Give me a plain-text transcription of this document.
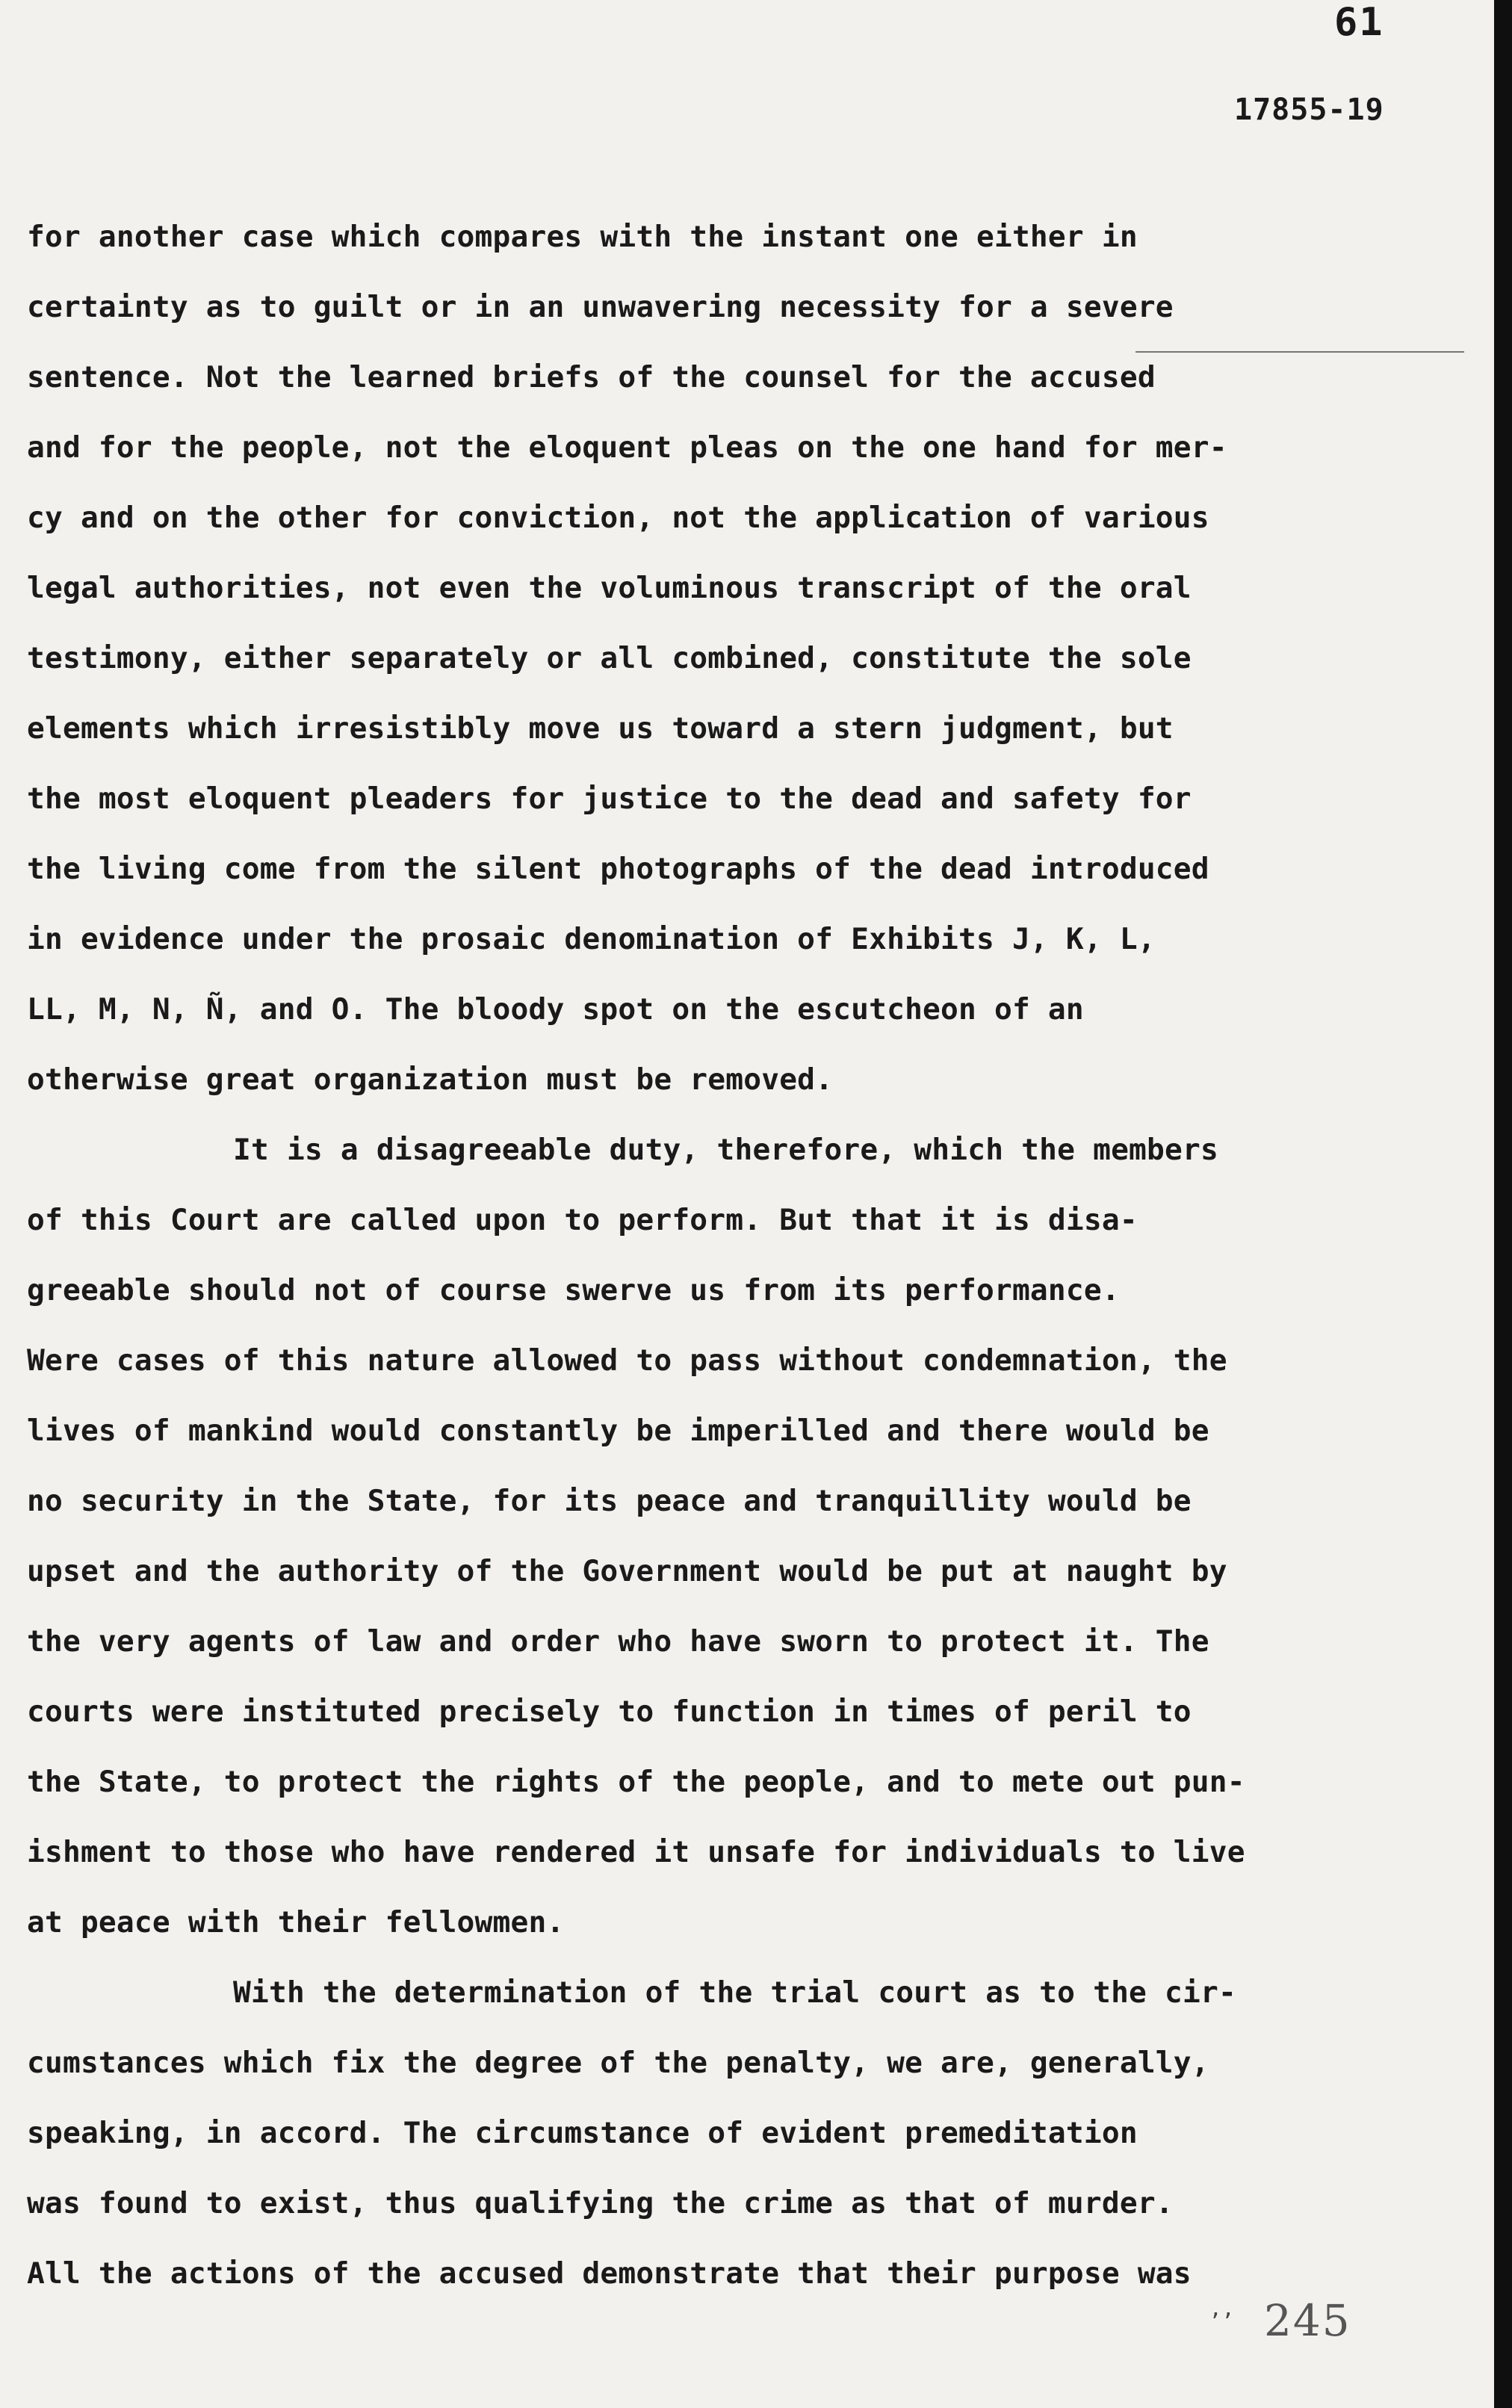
61
17855-19
for another case which compares with the instant one either in
certainty as to guilt or in an unwavering necessity for a severe
sentence. Not the learned briefs of the counsel for the accused
and for the people, not the eloquent pleas on the one hand for mer-
cy and on the other for conviction, not the application of various
legal authorities, not even the voluminous transcript of the oral
testimony, either separately or all combined, constitute the sole
elements which irresistibly move us toward a stern judgment, but
the most eloquent pleaders for justice to the dead and safety for
the living come from the silent photographs of the dead introduced
in evidence under the prosaic denomination of Exhibits J, K, L,
LL, M, N, Ñ, and O. The bloody spot on the escutcheon of an
otherwise great organization must be removed.
It is a disagreeable duty, therefore, which the members
of this Court are called upon to perform. But that it is disa-
greeable should not of course swerve us from its performance.
Were cases of this nature allowed to pass without condemnation, the
lives of mankind would constantly be imperilled and there would be
no security in the State, for its peace and tranquillity would be
upset and the authority of the Government would be put at naught by
the very agents of law and order who have sworn to protect it. The
courts were instituted precisely to function in times of peril to
the State, to protect the rights of the people, and to mete out pun-
ishment to those who have rendered it unsafe for individuals to live
at peace with their fellowmen.
With the determination of the trial court as to the cir-
cumstances which fix the degree of the penalty, we are, generally,
speaking, in accord. The circumstance of evident premeditation
was found to exist, thus qualifying the crime as that of murder.
All the actions of the accused demonstrate that their purpose was
ʼʼ 245
